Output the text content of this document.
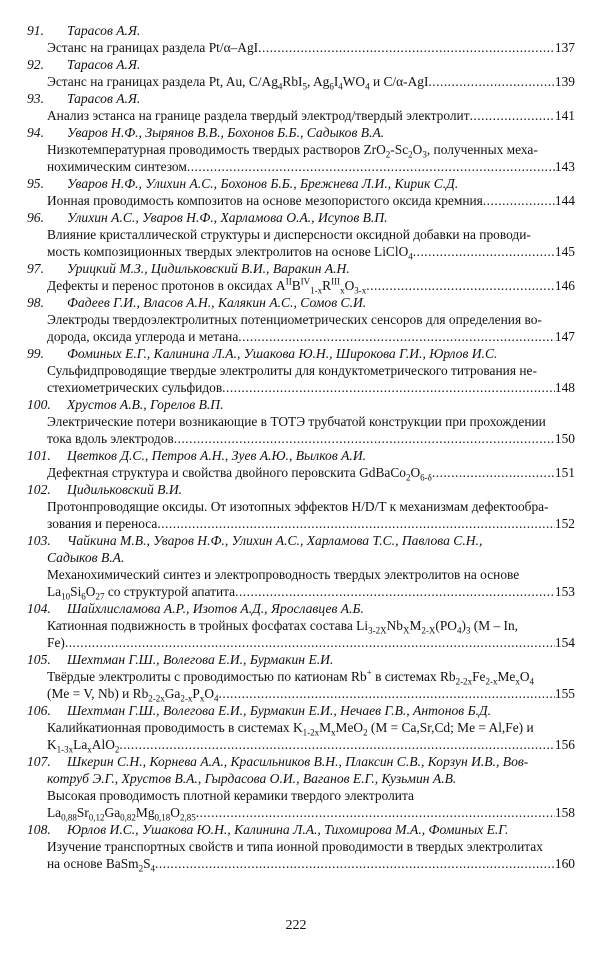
91. Тарасов А.Я.
Эстанс на границах раздела Pt/α–AgI .....	137
92. Тарасов А.Я.
Эстанс на границах раздела Pt, Au, $C/Ag_4RbI_5$, $Ag_6I_4WO_4$ и C/α-AgI .....	139
93. Тарасов А.Я.
Анализ эстанса на границе раздела твердый электрод/твердый электролит .....	141
94. Уваров Н.Ф., Зырянов В.В., Бохонов Б.Б., Садыков В.А.
Низкотемпературная проводимость твердых растворов $ZrO_2-Sc_2O_3$, полученных меха-
нохимическим синтезом .....	143
95. Уваров Н.Ф., Улихин А.С., Бохонов Б.Б., Брежнева Л.И., Кирик С.Д.
Ионная проводимость композитов на основе мезопористого оксида кремния .....	144
96. Улихин А.С., Уваров Н.Ф., Харламова О.А., Исупов В.П.
Влияние кристаллической структуры и дисперсности оксидной добавки на проводи-
мость композиционных твердых электролитов на основе LiClO$_4$ .....	145
97. Урицкий М.З., Цидильковский В.И., Варакин А.Н.
Дефекты и перенос протонов в оксидах $A^{II}B^{IV}_{1-x}R^{III}_xO_{3-x}$ .....	146
98. Фадеев Г.И., Власов А.Н., Калякин А.С., Сомов С.И.
Электроды твердоэлектролитных потенциометрических сенсоров для определения во-
дорода, оксида углерода и метана .....	147
99. Фоминых Е.Г., Калинина Л.А., Ушакова Ю.Н., Широкова Г.И., Юрлов И.С.
Сульфидпроводящие твердые электролиты для кондуктометрического титрования не-
стехиометрических сульфидов .....	148
100. Хрустов А.В., Горелов В.П.
Электрические потери возникающие в ТОТЭ трубчатой конструкции при прохождении
тока вдоль электродов .....	150
101. Цветков Д.С., Петров А.Н., Зуев А.Ю., Вылков А.И.
Дефектная структура и свойства двойного перовскита $GdBaCo_2O_{6-\delta}$ .....	151
102. Цидильковский В.И.
Протонпроводящие оксиды. От изотопных эффектов H/D/T к механизмам дефектообра-
зования и переноса .....	152
103. Чайкина М.В., Уваров Н.Ф., Улихин А.С., Харламова Т.С., Павлова С.Н.,
Садыков В.А.
Механохимический синтез и электропроводность твердых электролитов на основе
$La_{10}Si_6O_{27}$ со структурой апатита .....	153
104. Шайхлисламова А.Р., Изотов А.Д., Ярославцев А.Б.
Катионная подвижность в тройных фосфатах состава $Li_{3-2X}Nb_XM_{2-X}(PO_4)_3$ (M – In,
Fe) .....	154
105. Шехтман Г.Ш., Волегова Е.И., Бурмакин Е.И.
Твёрдые электролиты с проводимостью по катионам Rb+ в системах $Rb_{2-2x}Fe_{2-x}Me_xO_4$
(Me = V, Nb) и $Rb_{2-2x}Ga_{2-x}P_xO_4$ .....	155
106. Шехтман Г.Ш., Волегова Е.И., Бурмакин Е.И., Нечаев Г.В., Антонов Б.Д.
Калийкатионная проводимость в системах $K_{1-2x}M_xMeO_2$ (M = Ca,Sr,Cd; Me = Al,Fe) и
$K_{1-3x}La_xAlO_2$ .....	156
107. Шкерин С.Н., Корнева А.А., Красильников В.Н., Плаксин С.В., Корзун И.В., Вов-
котруб Э.Г., Хрустов В.А., Гырдасова О.И., Ваганов Е.Г., Кузьмин А.В.
Высокая проводимость плотной керамики твердого электролита
$La_{0,88}Sr_{0,12}Ga_{0,82}Mg_{0,18}O_{2,85}$ .....	158
108. Юрлов И.С., Ушакова Ю.Н., Калинина Л.А., Тихомирова М.А., Фоминых Е.Г.
Изучение транспортных свойств и типа ионной проводимости в твердых электролитах
на основе $BaSm_2S_4$ .....	160
222
